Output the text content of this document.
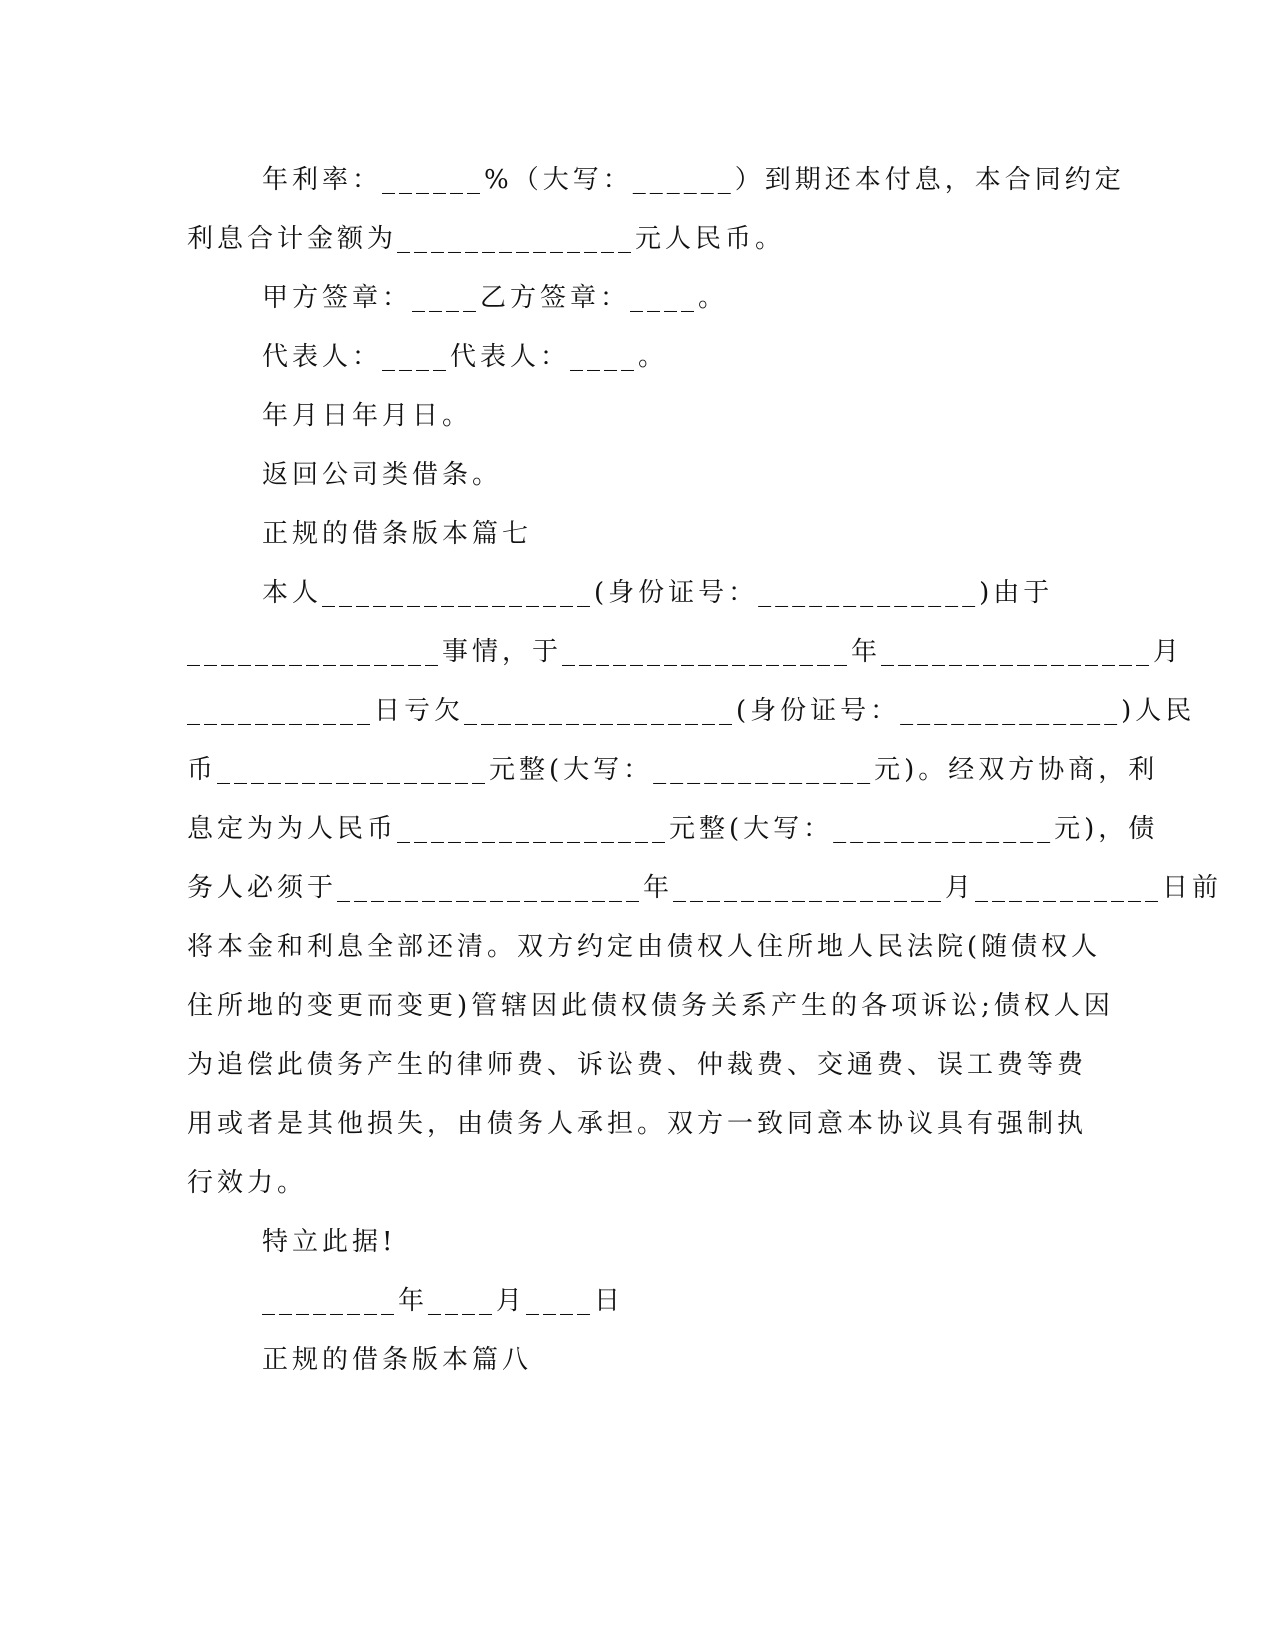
年利率：______%（大写：______）到期还本付息，本合同约定
利息合计金额为______________元人民币。
甲方签章：____乙方签章：____。
代表人：____代表人：____。
年月日年月日。
返回公司类借条。
正规的借条版本篇七
本人________________(身份证号：_____________)由于
_______________事情，于_________________年________________月
___________日亏欠________________(身份证号：_____________)人民
币________________元整(大写：_____________元)。经双方协商，利
息定为为人民币________________元整(大写：_____________元)，债
务人必须于__________________年________________月___________日前
将本金和利息全部还清。双方约定由债权人住所地人民法院(随债权人
住所地的变更而变更)管辖因此债权债务关系产生的各项诉讼;债权人因
为追偿此债务产生的律师费、诉讼费、仲裁费、交通费、误工费等费
用或者是其他损失，由债务人承担。双方一致同意本协议具有强制执
行效力。
特立此据!
________年____月____日
正规的借条版本篇八
